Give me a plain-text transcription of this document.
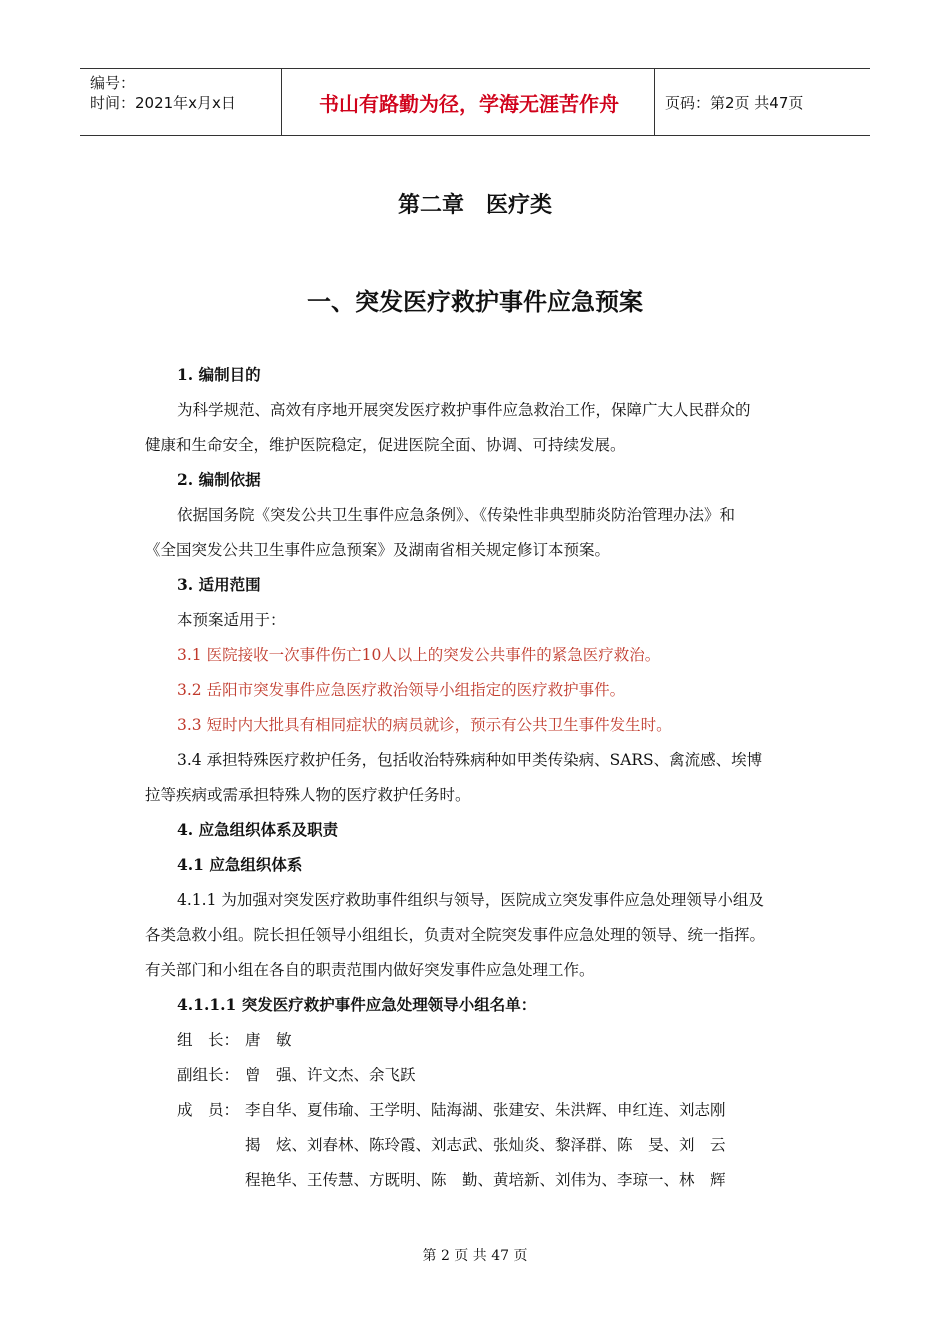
编号：
时间：2021年x月x日	书山有路勤为径，学海无涯苦作舟	页码：第2页 共47页
第二章　医疗类
一、突发医疗救护事件应急预案
1. 编制目的
为科学规范、高效有序地开展突发医疗救护事件应急救治工作，保障广大人民群众的
健康和生命安全，维护医院稳定，促进医院全面、协调、可持续发展。
2. 编制依据
依据国务院《突发公共卫生事件应急条例》、《传染性非典型肺炎防治管理办法》和
《全国突发公共卫生事件应急预案》及湖南省相关规定修订本预案。
3. 适用范围
本预案适用于：
3.1 医院接收一次事件伤亡10人以上的突发公共事件的紧急医疗救治。
3.2 岳阳市突发事件应急医疗救治领导小组指定的医疗救护事件。
3.3 短时内大批具有相同症状的病员就诊，预示有公共卫生事件发生时。
3.4 承担特殊医疗救护任务，包括收治特殊病种如甲类传染病、SARS、禽流感、埃博
拉等疾病或需承担特殊人物的医疗救护任务时。
4. 应急组织体系及职责
4.1 应急组织体系
4.1.1 为加强对突发医疗救助事件组织与领导，医院成立突发事件应急处理领导小组及
各类急救小组。院长担任领导小组组长，负责对全院突发事件应急处理的领导、统一指挥。
有关部门和小组在各自的职责范围内做好突发事件应急处理工作。
4.1.1.1 突发医疗救护事件应急处理领导小组名单：
组　长： 唐　敏
副组长： 曾　强、许文杰、余飞跃
成　员： 李自华、夏伟瑜、王学明、陆海湖、张建安、朱洪辉、申红连、刘志刚
揭　炫、刘春林、陈玲霞、刘志武、张灿炎、黎泽群、陈　旻、刘　云
程艳华、王传慧、方既明、陈　勤、黄培新、刘伟为、李琼一、林　辉
第 2 页 共 47 页
